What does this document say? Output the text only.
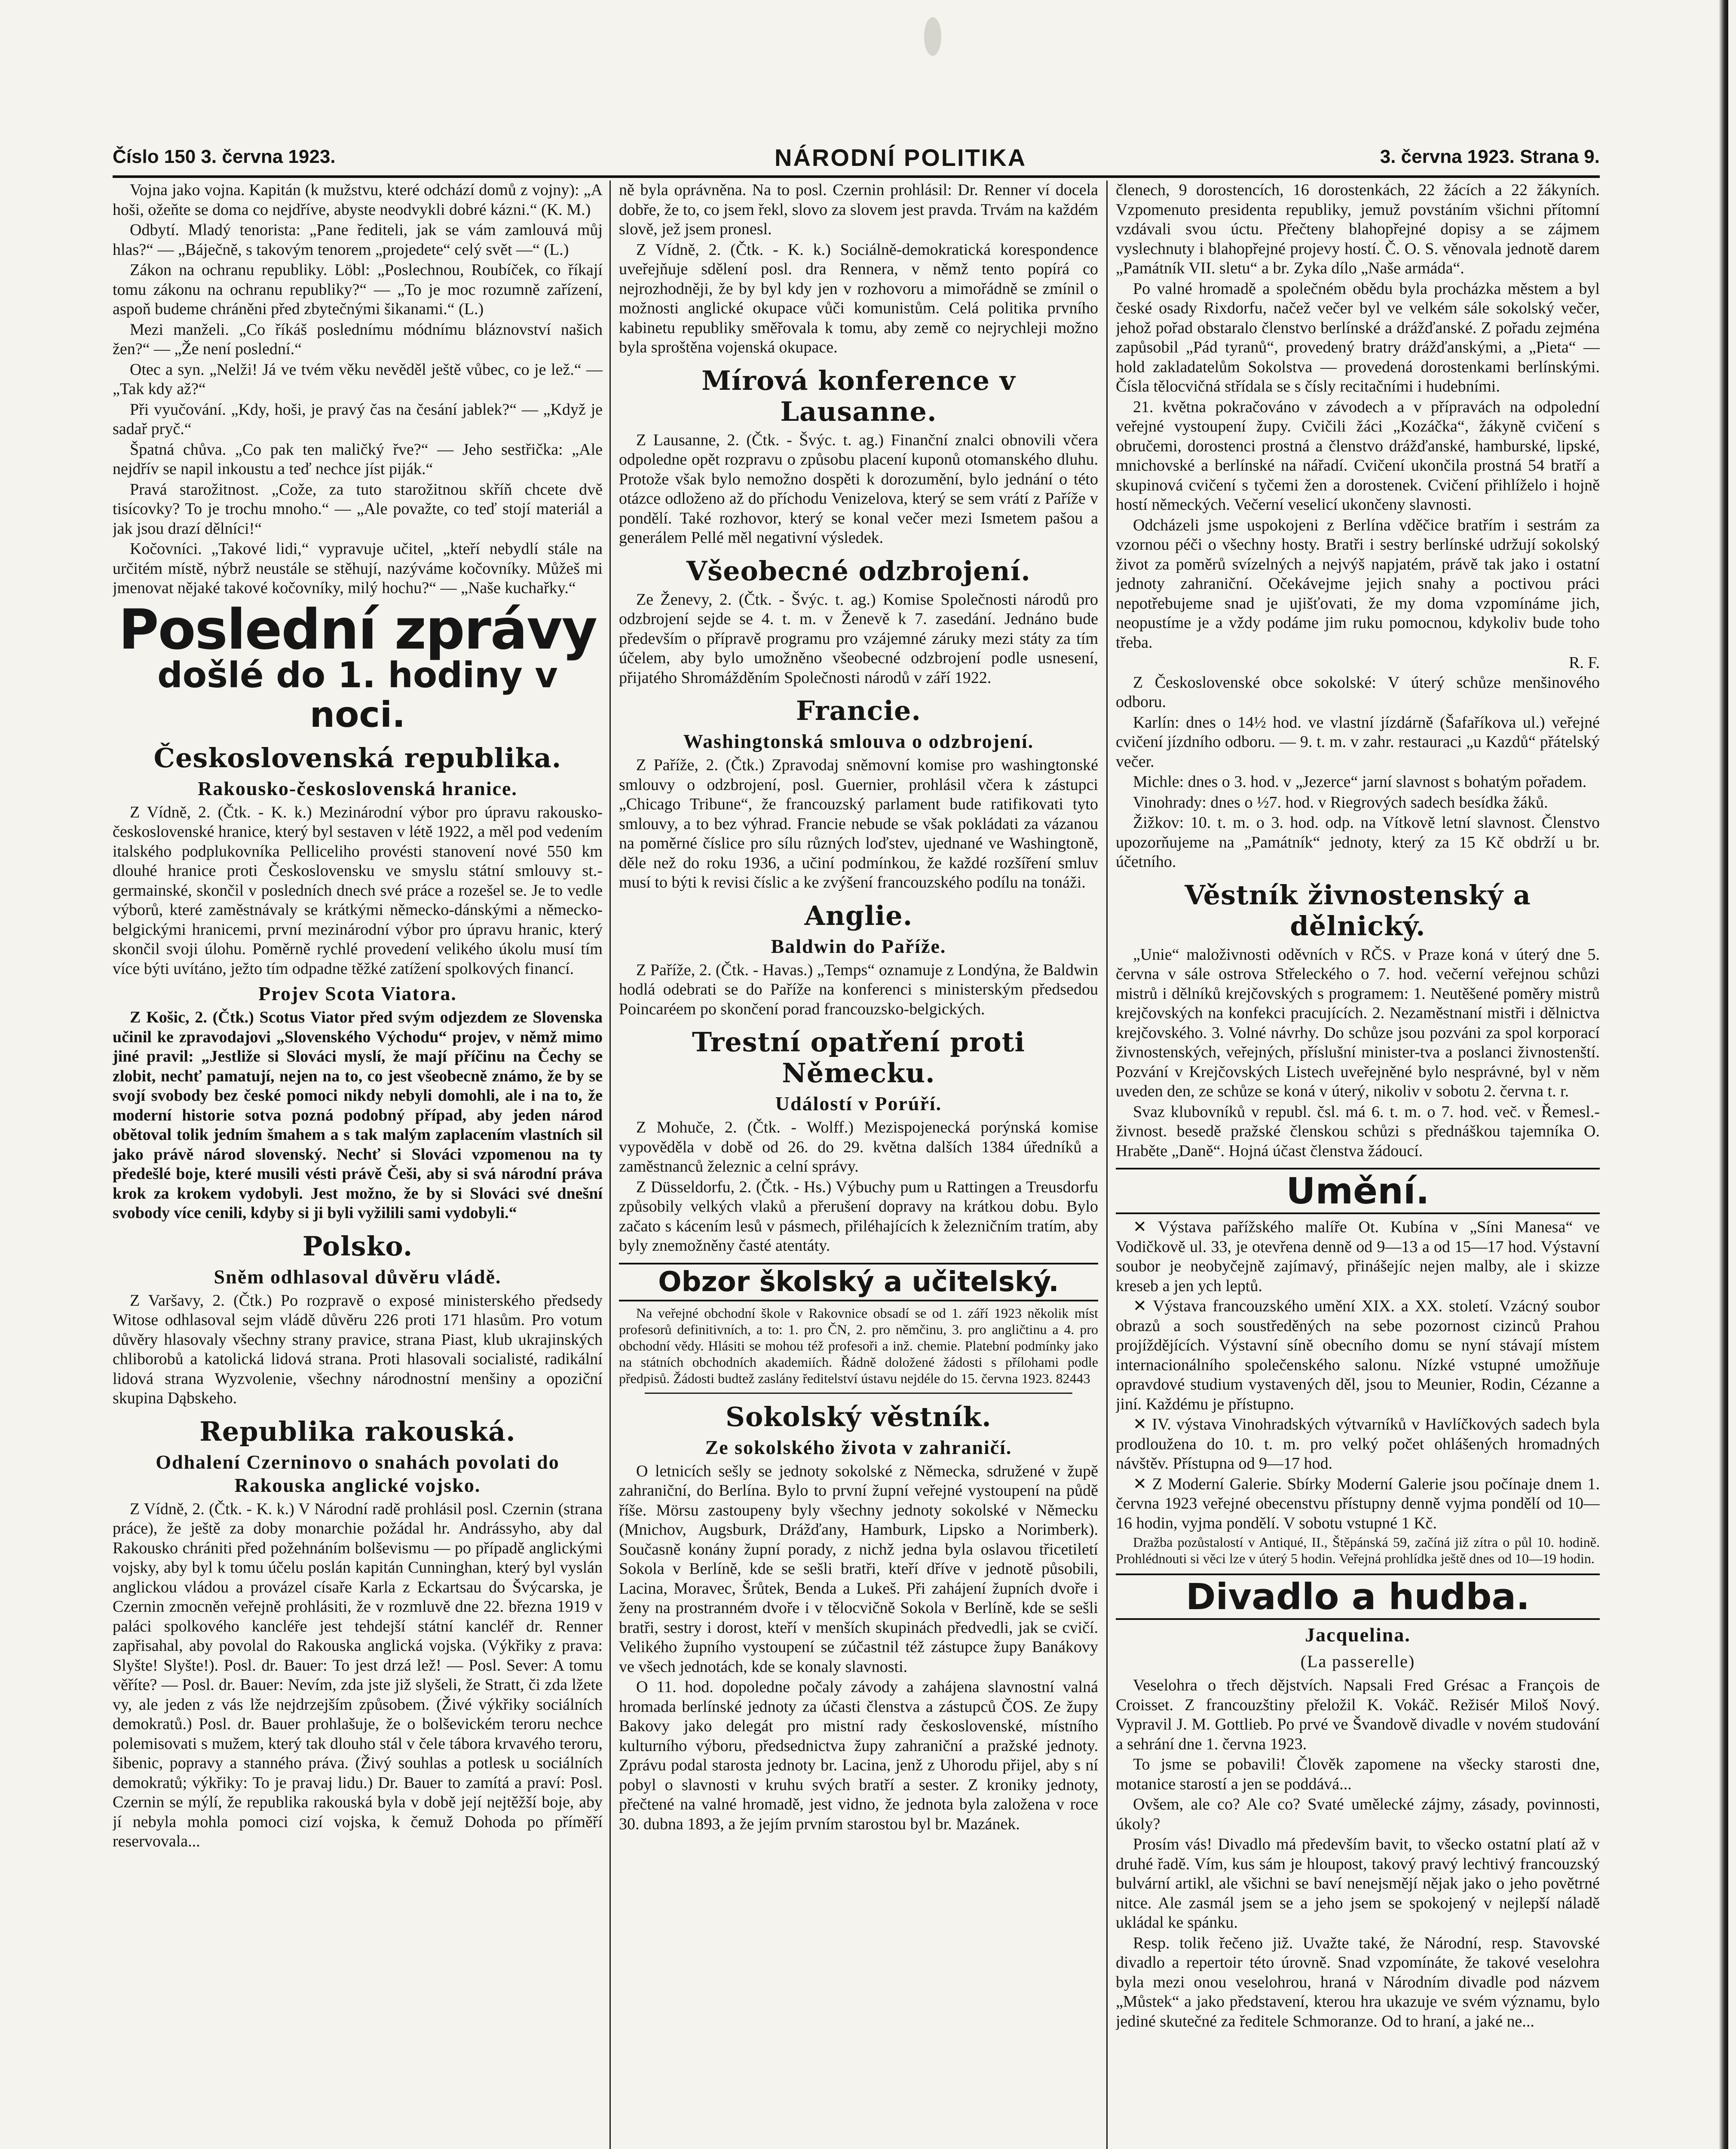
Číslo 150 3. června 1923.	NÁRODNÍ POLITIKA	3. června 1923. Strana 9.

Vojna jako vojna. Kapitán (k mužstvu, které odchází domů z vojny): „A hoši, ožeňte se doma co nejdříve, abyste neodvykli dobré kázni.“ (K. M.)

Odbytí. Mladý tenorista: „Pane řediteli, jak se vám zamlouvá můj hlas?“ — „Báječně, s takovým tenorem „projedete“ celý svět —“ (L.)

Zákon na ochranu republiky. Löbl: „Poslechnou, Roubíček, co říkají tomu zákonu na ochranu republiky?“ — „To je moc rozumně zařízení, aspoň budeme chráněni před zbytečnými šikanami.“ (L.)

Mezi manželi. „Co říkáš poslednímu módnímu bláznovství našich žen?“ — „Že není poslední.“

Otec a syn. „Nelži! Já ve tvém věku nevěděl ještě vůbec, co je lež.“ — „Tak kdy až?“

Při vyučování. „Kdy, hoši, je pravý čas na česání jablek?“ — „Když je sadař pryč.“

Špatná chůva. „Co pak ten maličký řve?“ — Jeho sestřička: „Ale nejdřív se napil inkoustu a teď nechce jíst piják.“

Pravá starožitnost. „Cože, za tuto starožitnou skříň chcete dvě tisícovky? To je trochu mnoho.“ — „Ale považte, co teď stojí materiál a jak jsou drazí dělníci!“

Kočovníci. „Takové lidi,“ vypravuje učitel, „kteří nebydlí stále na určitém místě, nýbrž neustále se stěhují, nazýváme kočovníky. Můžeš mi jmenovat nějaké takové kočovníky, milý hochu?“ — „Naše kuchařky.“

Poslední zprávy
došlé do 1. hodiny v noci.
Československá republika.
Rakousko-československá hranice.

Z Vídně, 2. (Čtk. - K. k.) Mezinárodní výbor pro úpravu rakousko-československé hranice, který byl sestaven v létě 1922, a měl pod vedením italského podplukovníka Pelliceliho provésti stanovení nové 550 km dlouhé hranice proti Československu ve smyslu státní smlouvy st.-germainské, skončil v posledních dnech své práce a rozešel se. Je to vedle výborů, které zaměstnávaly se krátkými německo-dánskými a německo-belgickými hranicemi, první mezinárodní výbor pro úpravu hranic, který skončil svoji úlohu. Poměrně rychlé provedení velikého úkolu musí tím více býti uvítáno, ježto tím odpadne těžké zatížení spolkových financí.

Projev Scota Viatora.

Z Košic, 2. (Čtk.) Scotus Viator před svým odjezdem ze Slovenska učinil ke zpravodajovi „Slovenského Východu“ projev, v němž mimo jiné pravil: „Jestliže si Slováci myslí, že mají příčinu na Čechy se zlobit, nechť pamatují, nejen na to, co jest všeobecně známo, že by se svojí svobody bez české pomoci nikdy nebyli domohli, ale i na to, že moderní historie sotva pozná podobný případ, aby jeden národ obětoval tolik jedním šmahem a s tak malým zaplacením vlastních sil jako právě národ slovenský. Nechť si Slováci vzpomenou na ty předešlé boje, které musili vésti právě Češi, aby si svá národní práva krok za krokem vydobyli. Jest možno, že by si Slováci své dnešní svobody více cenili, kdyby si ji byli vyžilili sami vydobyli.“

Polsko.
Sněm odhlasoval důvěru vládě.

Z Varšavy, 2. (Čtk.) Po rozpravě o exposé ministerského předsedy Witose odhlasoval sejm vládě důvěru 226 proti 171 hlasům. Pro votum důvěry hlasovaly všechny strany pravice, strana Piast, klub ukrajinských chliborobů a katolická lidová strana. Proti hlasovali socialisté, radikální lidová strana Wyzvolenie, všechny národnostní menšiny a opoziční skupina Dąbskeho.

Republika rakouská.
Odhalení Czerninovo o snahách povolati do Rakouska anglické vojsko.

Z Vídně, 2. (Čtk. - K. k.) V Národní radě prohlásil posl. Czernin (strana práce), že ještě za doby monarchie požádal hr. Andrássyho, aby dal Rakousko chrániti před požehnáním bolševismu — po případě anglickými vojsky, aby byl k tomu účelu poslán kapitán Cunninghan, který byl vyslán anglickou vládou a provázel císaře Karla z Eckartsau do Švýcarska, je Czernin zmocněn veřejně prohlásiti, že v rozmluvě dne 22. března 1919 v paláci spolkového kancléře jest tehdejší státní kancléř dr. Renner zapřisahal, aby povolal do Rakouska anglická vojska. (Výkřiky z prava: Slyšte! Slyšte!). Posl. dr. Bauer: To jest drzá lež! — Posl. Sever: A tomu věříte? — Posl. dr. Bauer: Nevím, zda jste již slyšeli, že Stratt, či zda lžete vy, ale jeden z vás lže nejdrzejším způsobem. (Živé výkřiky sociálních demokratů.) Posl. dr. Bauer prohlašuje, že o bolševickém teroru nechce polemisovati s mužem, který tak dlouho stál v čele tábora krvavého teroru, šibenic, popravy a stanného práva. (Živý souhlas a potlesk u sociálních demokratů; výkřiky: To je pravaj lidu.) Dr. Bauer to zamítá a praví: Posl. Czernin se mýlí, že republika rakouská byla v době její nejtěžší boje, aby jí nebyla mohla pomoci cizí vojska, k čemuž Dohoda po příměří reservovala...

ně byla oprávněna. Na to posl. Czernin prohlásil: Dr. Renner ví docela dobře, že to, co jsem řekl, slovo za slovem jest pravda. Trvám na každém slově, jež jsem pronesl.

Z Vídně, 2. (Čtk. - K. k.) Sociálně-demokratická korespondence uveřejňuje sdělení posl. dra Rennera, v němž tento popírá co nejrozhodněji, že by byl kdy jen v rozhovoru a mimořádně se zmínil o možnosti anglické okupace vůči komunistům. Celá politika prvního kabinetu republiky směřovala k tomu, aby země co nejrychleji možno byla sproštěna vojenská okupace.

Mírová konference v Lausanne.

Z Lausanne, 2. (Čtk. - Švýc. t. ag.) Finanční znalci obnovili včera odpoledne opět rozpravu o způsobu placení kuponů otomanského dluhu. Protože však bylo nemožno dospěti k dorozumění, bylo jednání o této otázce odloženo až do příchodu Venizelova, který se sem vrátí z Paříže v pondělí. Také rozhovor, který se konal večer mezi Ismetem pašou a generálem Pellé měl negativní výsledek.

Všeobecné odzbrojení.

Ze Ženevy, 2. (Čtk. - Švýc. t. ag.) Komise Společnosti národů pro odzbrojení sejde se 4. t. m. v Ženevě k 7. zasedání. Jednáno bude především o přípravě programu pro vzájemné záruky mezi státy za tím účelem, aby bylo umožněno všeobecné odzbrojení podle usnesení, přijatého Shromážděním Společnosti národů v září 1922.

Francie.
Washingtonská smlouva o odzbrojení.

Z Paříže, 2. (Čtk.) Zpravodaj sněmovní komise pro washingtonské smlouvy o odzbrojení, posl. Guernier, prohlásil včera k zástupci „Chicago Tribune“, že francouzský parlament bude ratifikovati tyto smlouvy, a to bez výhrad. Francie nebude se však pokládati za vázanou na poměrné číslice pro sílu různých loďstev, ujednané ve Washingtoně, děle než do roku 1936, a učiní podmínkou, že každé rozšíření smluv musí to býti k revisi číslic a ke zvýšení francouzského podílu na tonáži.

Anglie.
Baldwin do Paříže.

Z Paříže, 2. (Čtk. - Havas.) „Temps“ oznamuje z Londýna, že Baldwin hodlá odebrati se do Paříže na konferenci s ministerským předsedou Poincaréem po skončení porad francouzsko-belgických.

Trestní opatření proti Německu.
Událostí v Porúří.

Z Mohuče, 2. (Čtk. - Wolff.) Mezispojenecká porýnská komise vypověděla v době od 26. do 29. května dalších 1384 úředníků a zaměstnanců železnic a celní správy.

Z Düsseldorfu, 2. (Čtk. - Hs.) Výbuchy pum u Rattingen a Treusdorfu způsobily velkých vlaků a přerušení dopravy na krátkou dobu. Bylo začato s kácením lesů v pásmech, přiléhajících k železničním tratím, aby byly znemožněny časté atentáty.

Obzor školský a učitelský.

Na veřejné obchodní škole v Rakovnice obsadí se od 1. září 1923 několik míst profesorů definitivních, a to: 1. pro ČN, 2. pro němčinu, 3. pro angličtinu a 4. pro obchodní vědy. Hlásiti se mohou též profesoři a inž. chemie. Platební podmínky jako na státních obchodních akademiích. Řádně doložené žádosti s přílohami podle předpisů. Žádosti budtež zaslány ředitelství ústavu nejdéle do 15. června 1923. 82443

Sokolský věstník.
Ze sokolského života v zahraničí.

O letnicích sešly se jednoty sokolské z Německa, sdružené v župě zahraniční, do Berlína. Bylo to první župní veřejné vystoupení na půdě říše. Mörsu zastoupeny byly všechny jednoty sokolské v Německu (Mnichov, Augsburk, Drážďany, Hamburk, Lipsko a Norimberk). Současně konány župní porady, z nichž jedna byla oslavou třicetiletí Sokola v Berlíně, kde se sešli bratři, kteří dříve v jednotě působili, Lacina, Moravec, Šrůtek, Benda a Lukeš. Při zahájení župních dvoře i ženy na prostranném dvoře i v tělocvičně Sokola v Berlíně, kde se sešli bratři, sestry i dorost, kteří v menších skupinách předvedli, jak se cvičí. Velikého župního vystoupení se zúčastnil též zástupce župy Banákovy ve všech jednotách, kde se konaly slavnosti.

O 11. hod. dopoledne počaly závody a zahájena slavnostní valná hromada berlínské jednoty za účasti členstva a zástupců ČOS. Ze župy Bakovy jako delegát pro mistní rady československé, místního kulturního výboru, předsednictva župy zahraniční a pražské jednoty. Zprávu podal starosta jednoty br. Lacina, jenž z Uhorodu přijel, aby s ní pobyl o slavnosti v kruhu svých bratří a sester. Z kroniky jednoty, přečtené na valné hromadě, jest vidno, že jednota byla založena v roce 30. dubna 1893, a že jejím prvním starostou byl br. Mazánek.

členech, 9 dorostencích, 16 dorostenkách, 22 žácích a 22 žákyních. Vzpomenuto presidenta republiky, jemuž povstáním všichni přítomní vzdávali svou úctu. Přečteny blahopřejné dopisy a se zájmem vyslechnuty i blahopřejné projevy hostí. Č. O. S. věnovala jednotě darem „Památník VII. sletu“ a br. Zyka dílo „Naše armáda“.

Po valné hromadě a společném obědu byla procházka městem a byl české osady Rixdorfu, načež večer byl ve velkém sále sokolský večer, jehož pořad obstaralo členstvo berlínské a drážďanské. Z pořadu zejména zapůsobil „Pád tyranů“, provedený bratry drážďanskými, a „Pieta“ — hold zakladatelům Sokolstva — provedená dorostenkami berlínskými. Čísla tělocvičná střídala se s čísly recitačními i hudebními.

21. května pokračováno v závodech a v přípravách na odpolední veřejné vystoupení župy. Cvičili žáci „Kozáčka“, žákyně cvičení s obručemi, dorostenci prostná a členstvo drážďanské, hamburské, lipské, mnichovské a berlínské na nářadí. Cvičení ukončila prostná 54 bratří a skupinová cvičení s tyčemi žen a dorostenek. Cvičení přihlíželo i hojně hostí německých. Večerní veselicí ukončeny slavnosti.

Odcházeli jsme uspokojeni z Berlína vděčice bratřím i sestrám za vzornou péči o všechny hosty. Bratři i sestry berlínské udržují sokolský život za poměrů svízelných a nejvýš napjatém, právě tak jako i ostatní jednoty zahraniční. Očekávejme jejich snahy a poctivou práci nepotřebujeme snad je ujišťovati, že my doma vzpomínáme jich, neopustíme je a vždy podáme jim ruku pomocnou, kdykoliv bude toho třeba.

R. F.

Z Československé obce sokolské: V úterý schůze menšinového odboru.

Karlín: dnes o 14½ hod. ve vlastní jízdárně (Šafaříkova ul.) veřejné cvičení jízdního odboru. — 9. t. m. v zahr. restauraci „u Kazdů“ přátelský večer.

Michle: dnes o 3. hod. v „Jezerce“ jarní slavnost s bohatým pořadem.

Vinohrady: dnes o ½7. hod. v Riegrových sadech besídka žáků.

Žižkov: 10. t. m. o 3. hod. odp. na Vítkově letní slavnost. Členstvo upozorňujeme na „Památník“ jednoty, který za 15 Kč obdrží u br. účetního.

Věstník živnostenský a dělnický.

„Unie“ maloživnosti oděvních v RČS. v Praze koná v úterý dne 5. června v sále ostrova Střeleckého o 7. hod. večerní veřejnou schůzi mistrů i dělníků krejčovských s programem: 1. Neutěšené poměry mistrů krejčovských na konfekci pracujících. 2. Nezaměstnaní mistři i dělnictva krejčovského. 3. Volné návrhy. Do schůze jsou pozváni za spol korporací živnostenských, veřejných, příslušní minister-tva a poslanci živnostenští. Pozvání v Krejčovských Listech uveřejněné bylo nesprávné, byl v něm uveden den, ze schůze se koná v úterý, nikoliv v sobotu 2. června t. r.

Svaz klubovníků v republ. čsl. má 6. t. m. o 7. hod. več. v Řemesl.-živnost. besedě pražské členskou schůzi s přednáškou tajemníka O. Hraběte „Daně“. Hojná účast členstva žádoucí.

Umění.

✕ Výstava pařížského malíře Ot. Kubína v „Síni Manesa“ ve Vodičkově ul. 33, je otevřena denně od 9—13 a od 15—17 hod. Výstavní soubor je neobyčejně zajímavý, přinášejíc nejen malby, ale i skizze kreseb a jen ych leptů.

✕ Výstava francouzského umění XIX. a XX. století. Vzácný soubor obrazů a soch soustředěných na sebe pozornost cizinců Prahou projíždějících. Výstavní síně obecního domu se nyní stávají místem internacionálního společenského salonu. Nízké vstupné umožňuje opravdové studium vystavených děl, jsou to Meunier, Rodin, Cézanne a jiní. Každému je přístupno.

✕ IV. výstava Vinohradských výtvarníků v Havlíčkových sadech byla prodloužena do 10. t. m. pro velký počet ohlášených hromadných návštěv. Přístupna od 9—17 hod.

✕ Z Moderní Galerie. Sbírky Moderní Galerie jsou počínaje dnem 1. června 1923 veřejné obecenstvu přístupny denně vyjma pondělí od 10—16 hodin, vyjma pondělí. V sobotu vstupné 1 Kč.

Dražba pozůstalostí v Antiqué, II., Štěpánská 59, začíná již zítra o půl 10. hodině. Prohlédnouti si věci lze v úterý 5 hodin. Veřejná prohlídka ještě dnes od 10—19 hodin.

Divadlo a hudba.
Jacquelina.
(La passerelle)

Veselohra o třech dějstvích. Napsali Fred Grésac a François de Croisset. Z francouzštiny přeložil K. Vokáč. Režisér Miloš Nový. Vypravil J. M. Gottlieb. Po prvé ve Švandově divadle v novém studování a sehrání dne 1. června 1923.

To jsme se pobavili! Člověk zapomene na všecky starosti dne, motanice starostí a jen se poddává...

Ovšem, ale co? Ale co? Svaté umělecké zájmy, zásady, povinnosti, úkoly?

Prosím vás! Divadlo má především bavit, to všecko ostatní platí až v druhé řadě. Vím, kus sám je hloupost, takový pravý lechtivý francouzský bulvární artikl, ale všichni se baví nenejsmějí nějak jako o jeho povětrné nitce. Ale zasmál jsem se a jeho jsem se spokojený v nejlepší náladě ukládal ke spánku.

Resp. tolik řečeno již. Uvažte také, že Národní, resp. Stavovské divadlo a repertoir této úrovně. Snad vzpomínáte, že takové veselohra byla mezi onou veselohrou, hraná v Národním divadle pod názvem „Můstek“ a jako představení, kterou hra ukazuje ve svém významu, bylo jediné skutečné za ředitele Schmoranze. Od to hraní, a jaké ne...
